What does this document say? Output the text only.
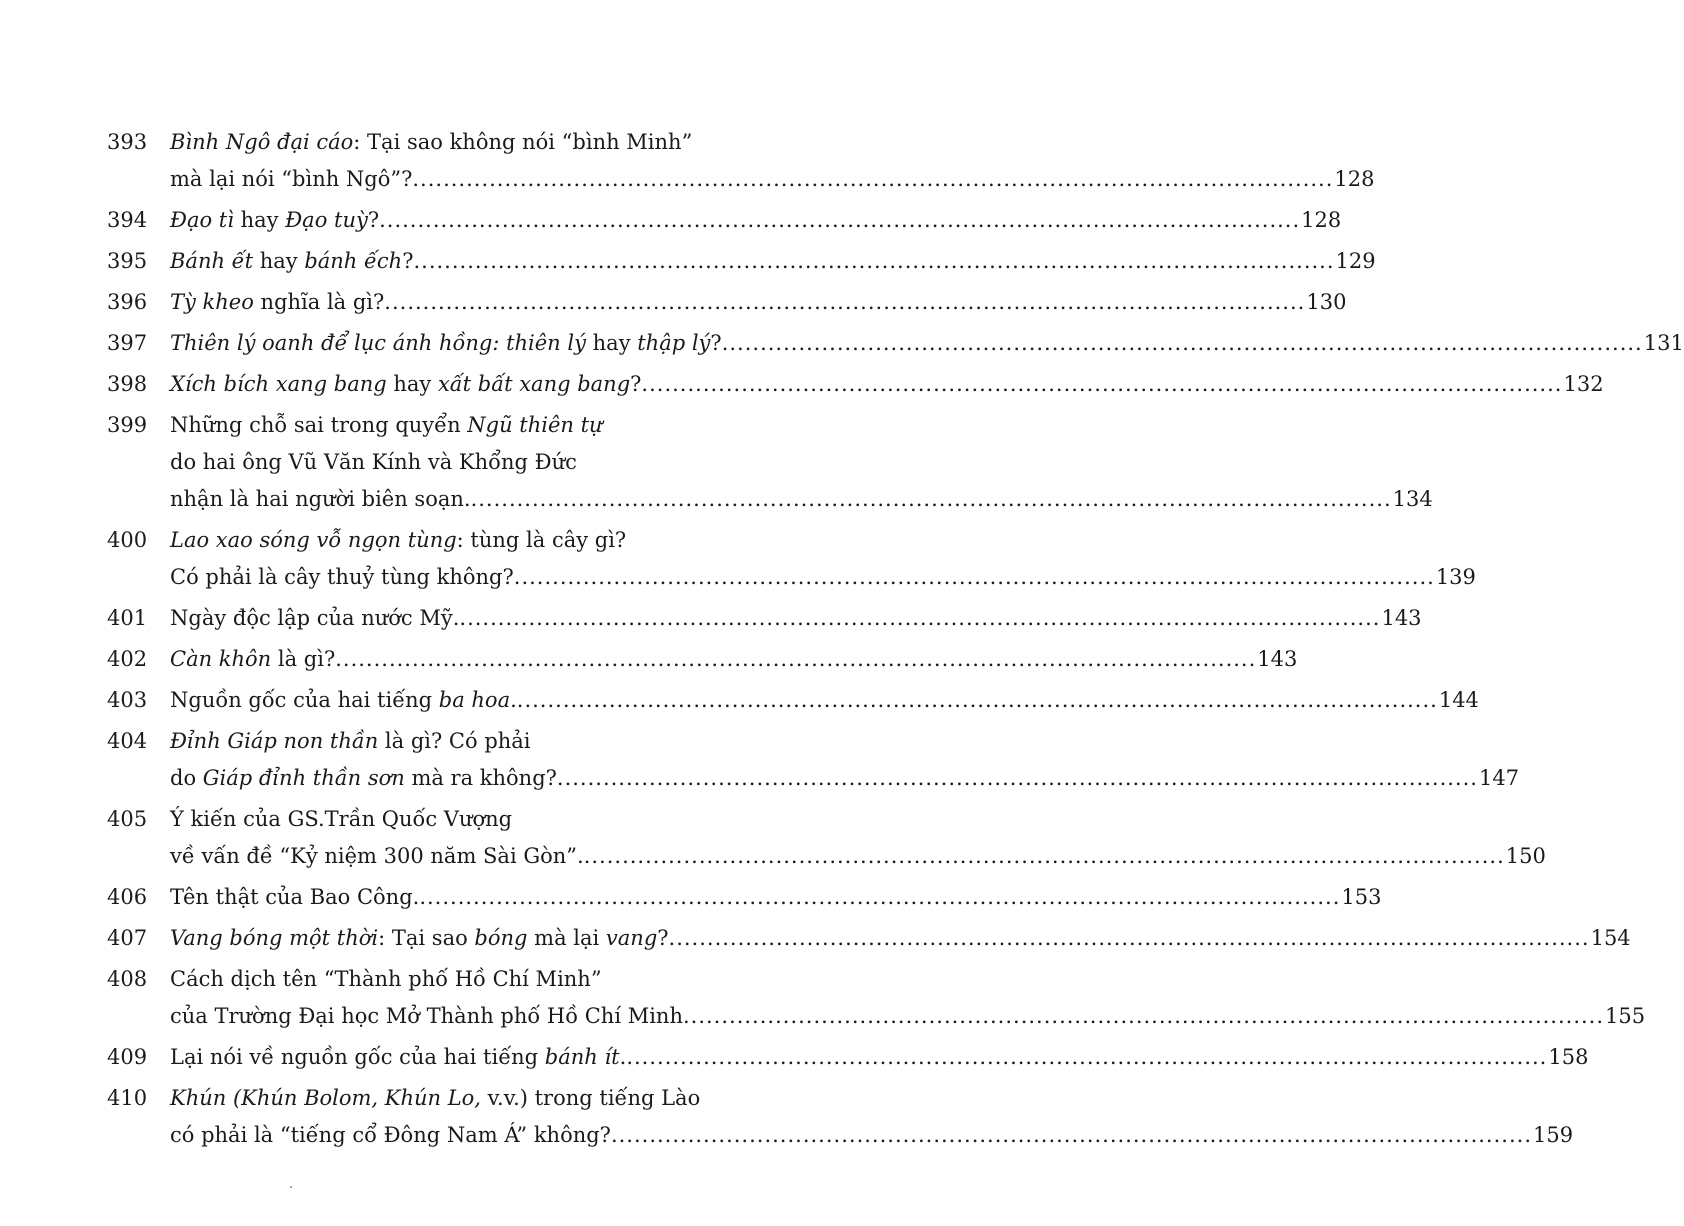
393	Bình Ngô đại cáo: Tại sao không nói “bình Minh”
mà lại nói “bình Ngô”? .....	128
394	Đạo tì hay Đạo tuỳ? .....	128
395	Bánh ết hay bánh ếch? .....	129
396	Tỳ kheo nghĩa là gì? .....	130
397	Thiên lý oanh để lục ánh hồng: thiên lý hay thập lý? .....	131
398	Xích bích xang bang hay xất bất xang bang? .....	132
399	Những chỗ sai trong quyển Ngũ thiên tự
do hai ông Vũ Văn Kính và Khổng Đức
nhận là hai người biên soạn. .....	134
400	Lao xao sóng vỗ ngọn tùng: tùng là cây gì?
Có phải là cây thuỷ tùng không? .....	139
401	Ngày độc lập của nước Mỹ. .....	143
402	Càn khôn là gì? .....	143
403	Nguồn gốc của hai tiếng ba hoa. .....	144
404	Đỉnh Giáp non thần là gì? Có phải
do Giáp đỉnh thần sơn mà ra không? .....	147
405	Ý kiến của GS.Trần Quốc Vượng
về vấn đề “Kỷ niệm 300 năm Sài Gòn”. .....	150
406	Tên thật của Bao Công. .....	153
407	Vang bóng một thời: Tại sao bóng mà lại vang? .....	154
408	Cách dịch tên “Thành phố Hồ Chí Minh”
của Trường Đại học Mở Thành phố Hồ Chí Minh .....	155
409	Lại nói về nguồn gốc của hai tiếng bánh ít. .....	158
410	Khún (Khún Bolom, Khún Lo, v.v.) trong tiếng Lào
có phải là “tiếng cổ Đông Nam Á” không? .....	159
